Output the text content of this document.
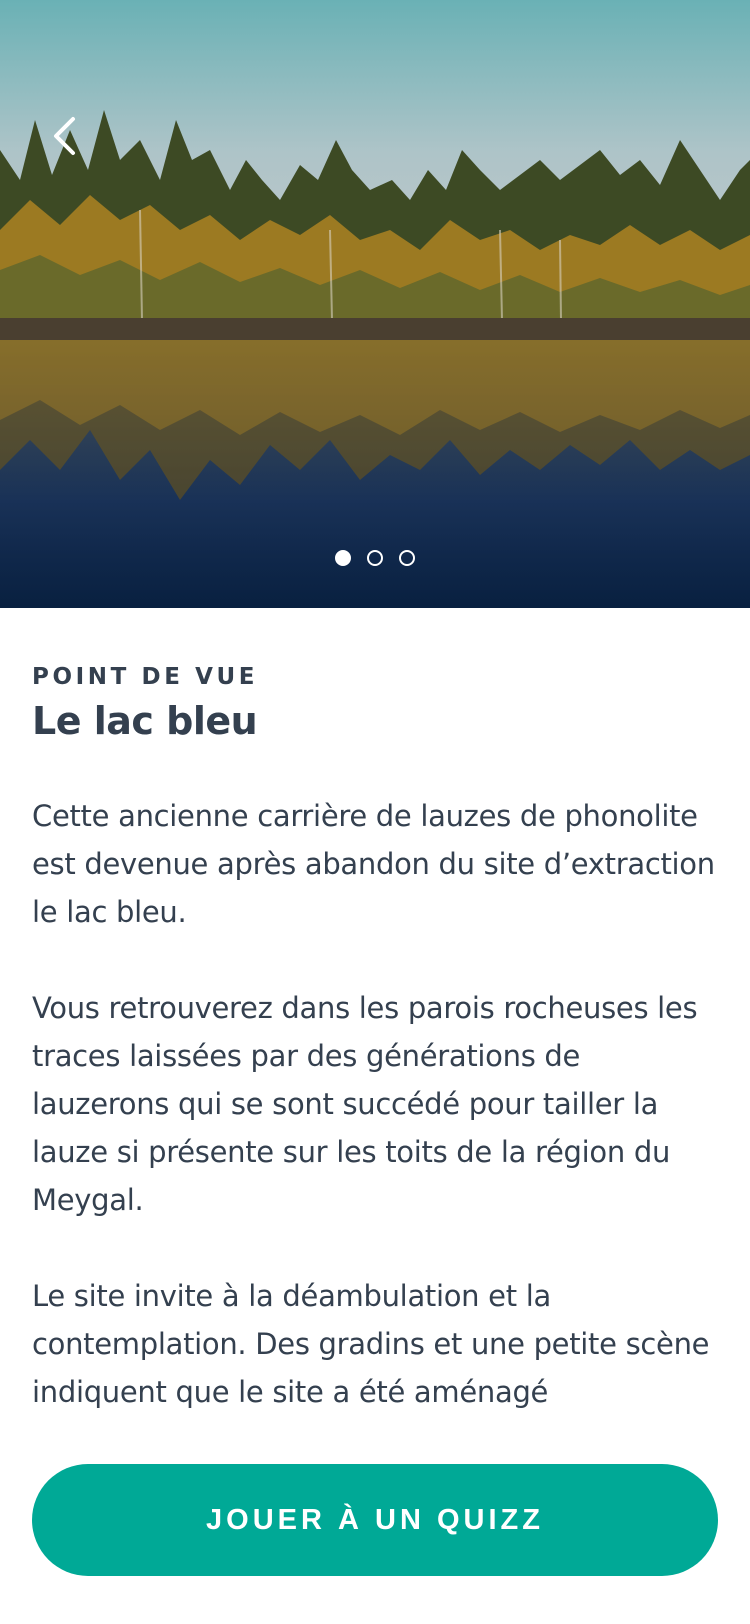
POINT DE VUE
Le lac bleu

Cette ancienne carrière de lauzes de phonolite est devenue après abandon du site d’extraction le lac bleu.

Vous retrouverez dans les parois rocheuses les traces laissées par des générations de lauzerons qui se sont succédé pour tailler la lauze si présente sur les toits de la région du Meygal.

Le site invite à la déambulation et la contemplation. Des gradins et une petite scène indiquent que le site a été aménagé

JOUER À UN QUIZZ
